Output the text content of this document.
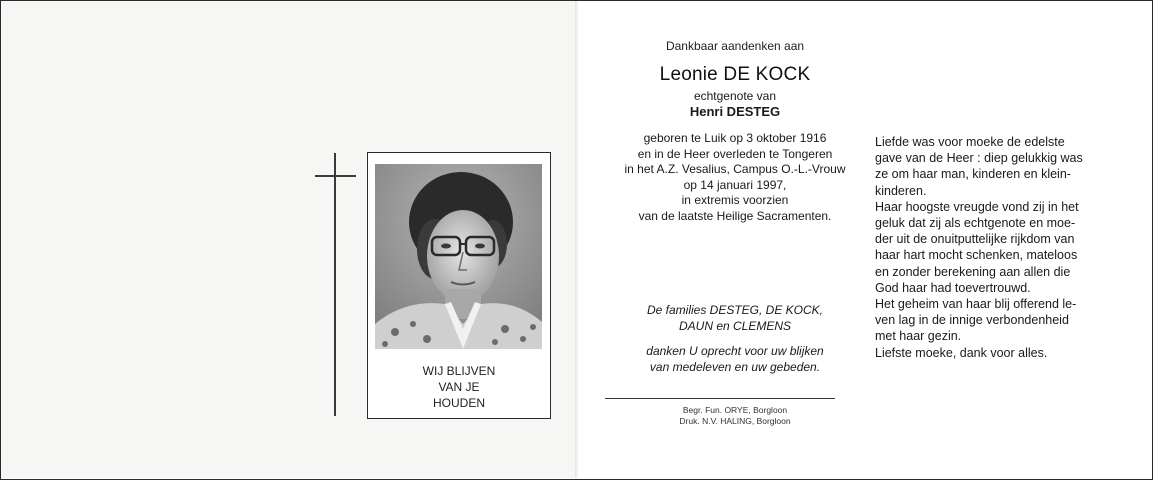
WIJ BLIJVEN
VAN JE
HOUDEN
Dankbaar aandenken aan
Leonie DE KOCK
echtgenote van
Henri DESTEG
geboren te Luik op 3 oktober 1916
en in de Heer overleden te Tongeren
in het A.Z. Vesalius, Campus O.-L.-Vrouw
op 14 januari 1997,
in extremis voorzien
van de laatste Heilige Sacramenten.
De families DESTEG, DE KOCK,
DAUN en CLEMENS
danken U oprecht voor uw blijken
van medeleven en uw gebeden.
Begr. Fun. ORYE, Borgloon
Druk. N.V. HALING, Borgloon
Liefde was voor moeke de edelste
gave van de Heer : diep gelukkig was
ze om haar man, kinderen en klein-
kinderen.
Haar hoogste vreugde vond zij in het
geluk dat zij als echtgenote en moe-
der uit de onuitputtelijke rijkdom van
haar hart mocht schenken, mateloos
en zonder berekening aan allen die
God haar had toevertrouwd.
Het geheim van haar blij offerend le-
ven lag in de innige verbondenheid
met haar gezin.
Liefste moeke, dank voor alles.
